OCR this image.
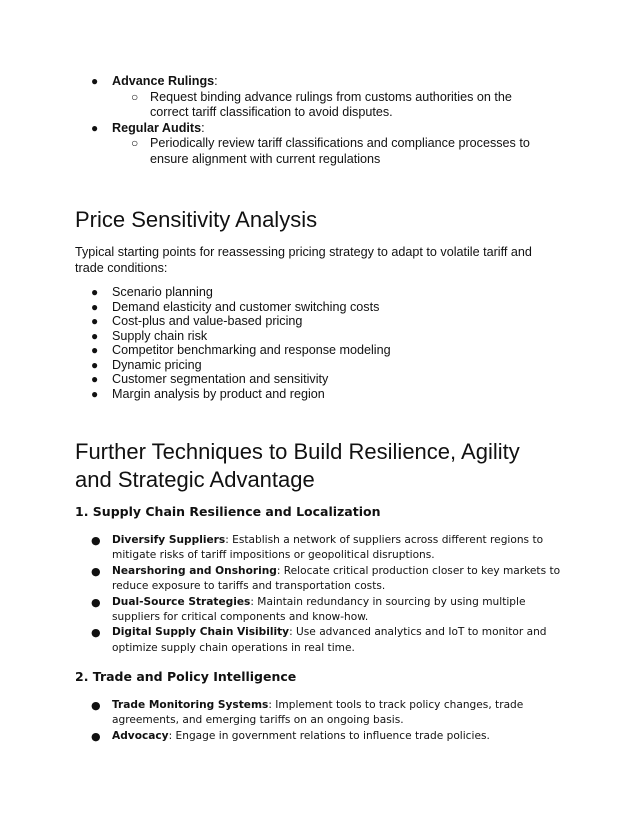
● Advance Rulings:
○ Request binding advance rulings from customs authorities on the correct tariff classification to avoid disputes.
● Regular Audits:
○ Periodically review tariff classifications and compliance processes to ensure alignment with current regulations
Price Sensitivity Analysis

Typical starting points for reassessing pricing strategy to adapt to volatile tariff and trade conditions:

● Scenario planning
● Demand elasticity and customer switching costs
● Cost-plus and value-based pricing
● Supply chain risk
● Competitor benchmarking and response modeling
● Dynamic pricing
● Customer segmentation and sensitivity
● Margin analysis by product and region
Further Techniques to Build Resilience, Agility and Strategic Advantage
1. Supply Chain Resilience and Localization
● Diversify Suppliers: Establish a network of suppliers across different regions to mitigate risks of tariff impositions or geopolitical disruptions.
● Nearshoring and Onshoring: Relocate critical production closer to key markets to reduce exposure to tariffs and transportation costs.
● Dual-Source Strategies: Maintain redundancy in sourcing by using multiple suppliers for critical components and know-how.
● Digital Supply Chain Visibility: Use advanced analytics and IoT to monitor and optimize supply chain operations in real time.
2. Trade and Policy Intelligence
● Trade Monitoring Systems: Implement tools to track policy changes, trade agreements, and emerging tariffs on an ongoing basis.
● Advocacy: Engage in government relations to influence trade policies.
